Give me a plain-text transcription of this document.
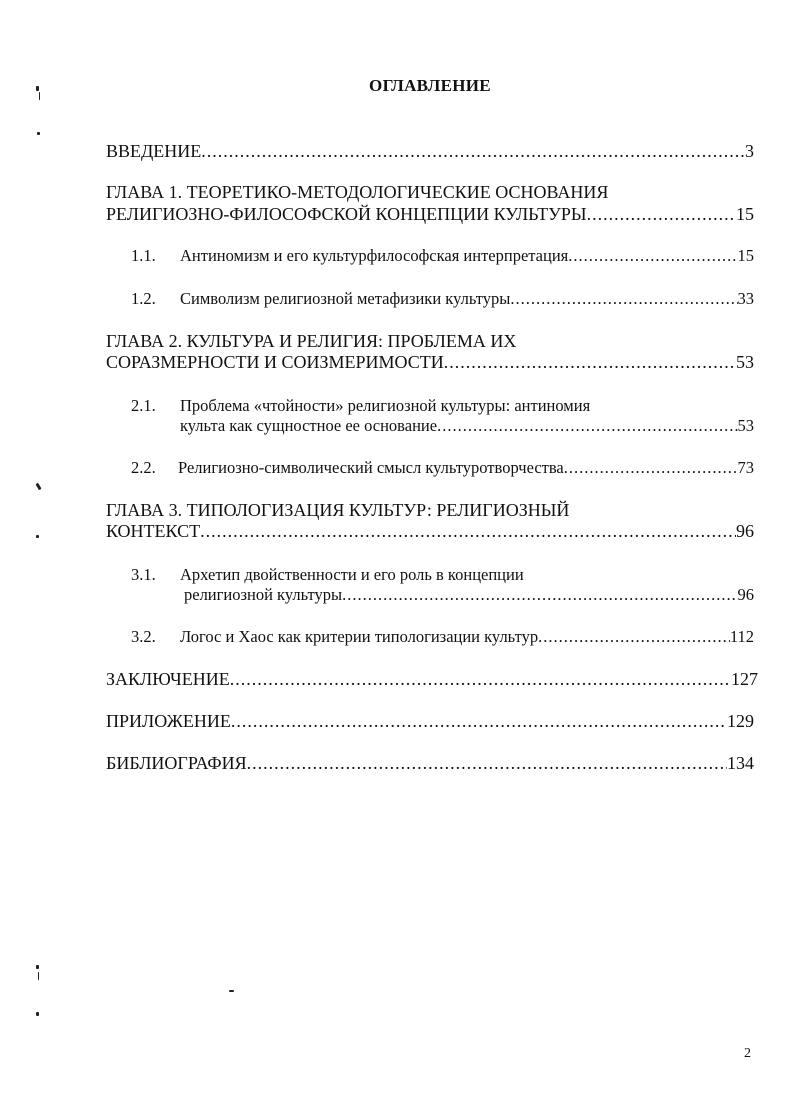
ОГЛАВЛЕНИЕ
ВВЕДЕНИЕ .....	3
ГЛАВА 1. ТЕОРЕТИКО-МЕТОДОЛОГИЧЕСКИЕ ОСНОВАНИЯ
РЕЛИГИОЗНО-ФИЛОСОФСКОЙ КОНЦЕПЦИИ КУЛЬТУРЫ .....	15
1.1. Антиномизм и его культурфилософская интерпретация .....	15
1.2. Символизм религиозной метафизики культуры .....	33
ГЛАВА 2. КУЛЬТУРА И РЕЛИГИЯ: ПРОБЛЕМА ИХ
СОРАЗМЕРНОСТИ И СОИЗМЕРИМОСТИ .....	53
2.1. Проблема «чтойности» религиозной культуры: антиномия
культа как сущностное ее основание .....	53
2.2. Религиозно-символический смысл культуротворчества .....	73
ГЛАВА 3. ТИПОЛОГИЗАЦИЯ КУЛЬТУР: РЕЛИГИОЗНЫЙ
КОНТЕКСТ .....	96
3.1. Архетип двойственности и его роль в концепции
религиозной культуры .....	96
3.2. Логос и Хаос как критерии типологизации культур .....	112
ЗАКЛЮЧЕНИЕ .....	127
ПРИЛОЖЕНИЕ .....	129
БИБЛИОГРАФИЯ .....	134
2
